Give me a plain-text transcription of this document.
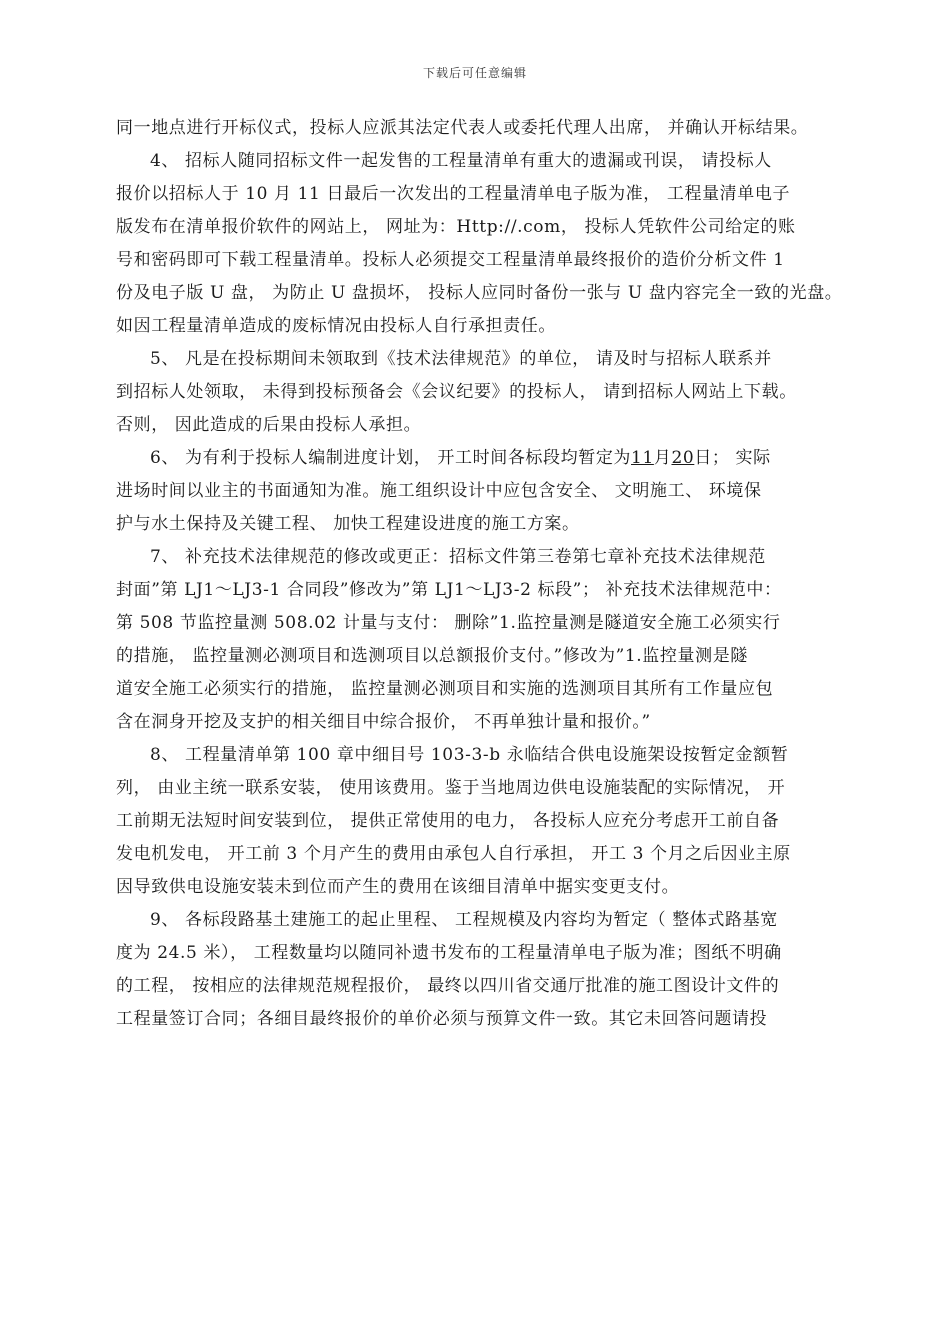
下载后可任意编辑
同一地点进行开标仪式，投标人应派其法定代表人或委托代理人出席， 并确认开标结果。
4、 招标人随同招标文件一起发售的工程量清单有重大的遗漏或刊误， 请投标人
报价以招标人于 10 月 11 日最后一次发出的工程量清单电子版为准， 工程量清单电子
版发布在清单报价软件的网站上， 网址为：Http://.com， 投标人凭软件公司给定的账
号和密码即可下载工程量清单。投标人必须提交工程量清单最终报价的造价分析文件 1
份及电子版 U 盘， 为防止 U 盘损坏， 投标人应同时备份一张与 U 盘内容完全一致的光盘。
如因工程量清单造成的废标情况由投标人自行承担责任。
5、 凡是在投标期间未领取到《技术法律规范》的单位， 请及时与招标人联系并
到招标人处领取， 未得到投标预备会《会议纪要》的投标人， 请到招标人网站上下载。
否则， 因此造成的后果由投标人承担。
6、 为有利于投标人编制进度计划， 开工时间各标段均暂定为11月20日； 实际
进场时间以业主的书面通知为准。施工组织设计中应包含安全、 文明施工、 环境保
护与水土保持及关键工程、 加快工程建设进度的施工方案。
7、 补充技术法律规范的修改或更正：招标文件第三卷第七章补充技术法律规范
封面”第 LJ1～LJ3-1 合同段”修改为”第 LJ1～LJ3-2 标段”； 补充技术法律规范中：
第 508 节监控量测 508.02 计量与支付： 删除”1.监控量测是隧道安全施工必须实行
的措施， 监控量测必测项目和选测项目以总额报价支付。”修改为”1.监控量测是隧
道安全施工必须实行的措施， 监控量测必测项目和实施的选测项目其所有工作量应包
含在洞身开挖及支护的相关细目中综合报价， 不再单独计量和报价。”
8、 工程量清单第 100 章中细目号 103-3-b 永临结合供电设施架设按暂定金额暂
列， 由业主统一联系安装， 使用该费用。鉴于当地周边供电设施装配的实际情况， 开
工前期无法短时间安装到位， 提供正常使用的电力， 各投标人应充分考虑开工前自备
发电机发电， 开工前 3 个月产生的费用由承包人自行承担， 开工 3 个月之后因业主原
因导致供电设施安装未到位而产生的费用在该细目清单中据实变更支付。
9、 各标段路基土建施工的起止里程、 工程规模及内容均为暂定（ 整体式路基宽
度为 24.5 米）， 工程数量均以随同补遗书发布的工程量清单电子版为准；图纸不明确
的工程， 按相应的法律规范规程报价， 最终以四川省交通厅批准的施工图设计文件的
工程量签订合同；各细目最终报价的单价必须与预算文件一致。其它未回答问题请投
